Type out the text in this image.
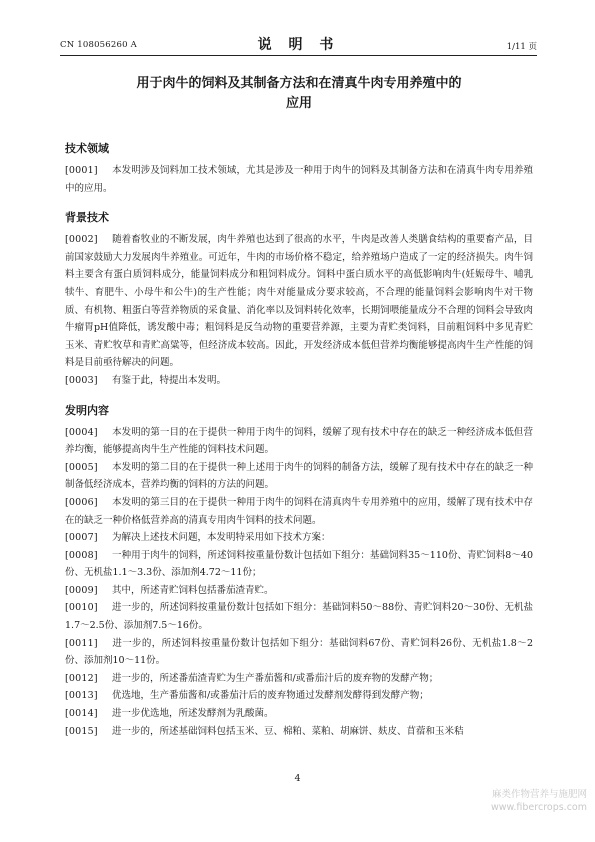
CN 108056260 A	说 明 书	1/11 页
用于肉牛的饲料及其制备方法和在清真牛肉专用养殖中的
应用
技术领域

[0001] 本发明涉及饲料加工技术领域，尤其是涉及一种用于肉牛的饲料及其制备方法和在清真牛肉专用养殖中的应用。

背景技术

[0002] 随着畜牧业的不断发展，肉牛养殖也达到了很高的水平，牛肉是改善人类膳食结构的重要畜产品，目前国家鼓励大力发展肉牛养殖业。可近年，牛肉的市场价格不稳定，给养殖场户造成了一定的经济损失。肉牛饲料主要含有蛋白质饲料成分，能量饲料成分和粗饲料成分。饲料中蛋白质水平的高低影响肉牛(妊娠母牛、哺乳犊牛、育肥牛、小母牛和公牛)的生产性能；肉牛对能量成分要求较高，不合理的能量饲料会影响肉牛对干物质、有机物、粗蛋白等营养物质的采食量、消化率以及饲料转化效率，长期饲喂能量成分不合理的饲料会导致肉牛瘤胃pH值降低，诱发酸中毒；粗饲料是反刍动物的重要营养源，主要为青贮类饲料，目前粗饲料中多见青贮玉米、青贮牧草和青贮高粱等，但经济成本较高。因此，开发经济成本低但营养均衡能够提高肉牛生产性能的饲料是目前亟待解决的问题。

[0003] 有鉴于此，特提出本发明。

发明内容

[0004] 本发明的第一目的在于提供一种用于肉牛的饲料，缓解了现有技术中存在的缺乏一种经济成本低但营养均衡，能够提高肉牛生产性能的饲料技术问题。

[0005] 本发明的第二目的在于提供一种上述用于肉牛的饲料的制备方法，缓解了现有技术中存在的缺乏一种制备低经济成本，营养均衡的饲料的方法的问题。

[0006] 本发明的第三目的在于提供一种用于肉牛的饲料在清真肉牛专用养殖中的应用，缓解了现有技术中存在的缺乏一种价格低营养高的清真专用肉牛饲料的技术问题。

[0007] 为解决上述技术问题，本发明特采用如下技术方案：

[0008] 一种用于肉牛的饲料，所述饲料按重量份数计包括如下组分：基础饲料35～110份、青贮饲料8～40份、无机盐1.1～3.3份、添加剂4.72～11份；

[0009] 其中，所述青贮饲料包括番茄渣青贮。

[0010] 进一步的，所述饲料按重量份数计包括如下组分：基础饲料50～88份、青贮饲料20～30份、无机盐1.7～2.5份、添加剂7.5～16份。

[0011] 进一步的，所述饲料按重量份数计包括如下组分：基础饲料67份、青贮饲料26份、无机盐1.8～2份、添加剂10～11份。

[0012] 进一步的，所述番茄渣青贮为生产番茄酱和/或番茄汁后的废弃物的发酵产物；

[0013] 优选地，生产番茄酱和/或番茄汁后的废弃物通过发酵剂发酵得到发酵产物；

[0014] 进一步优选地，所述发酵剂为乳酸菌。

[0015] 进一步的，所述基础饲料包括玉米、豆、棉粕、菜粕、胡麻饼、麸皮、苜蓿和玉米秸

4
麻类作物营养与施肥网
www.fibercrops.com
